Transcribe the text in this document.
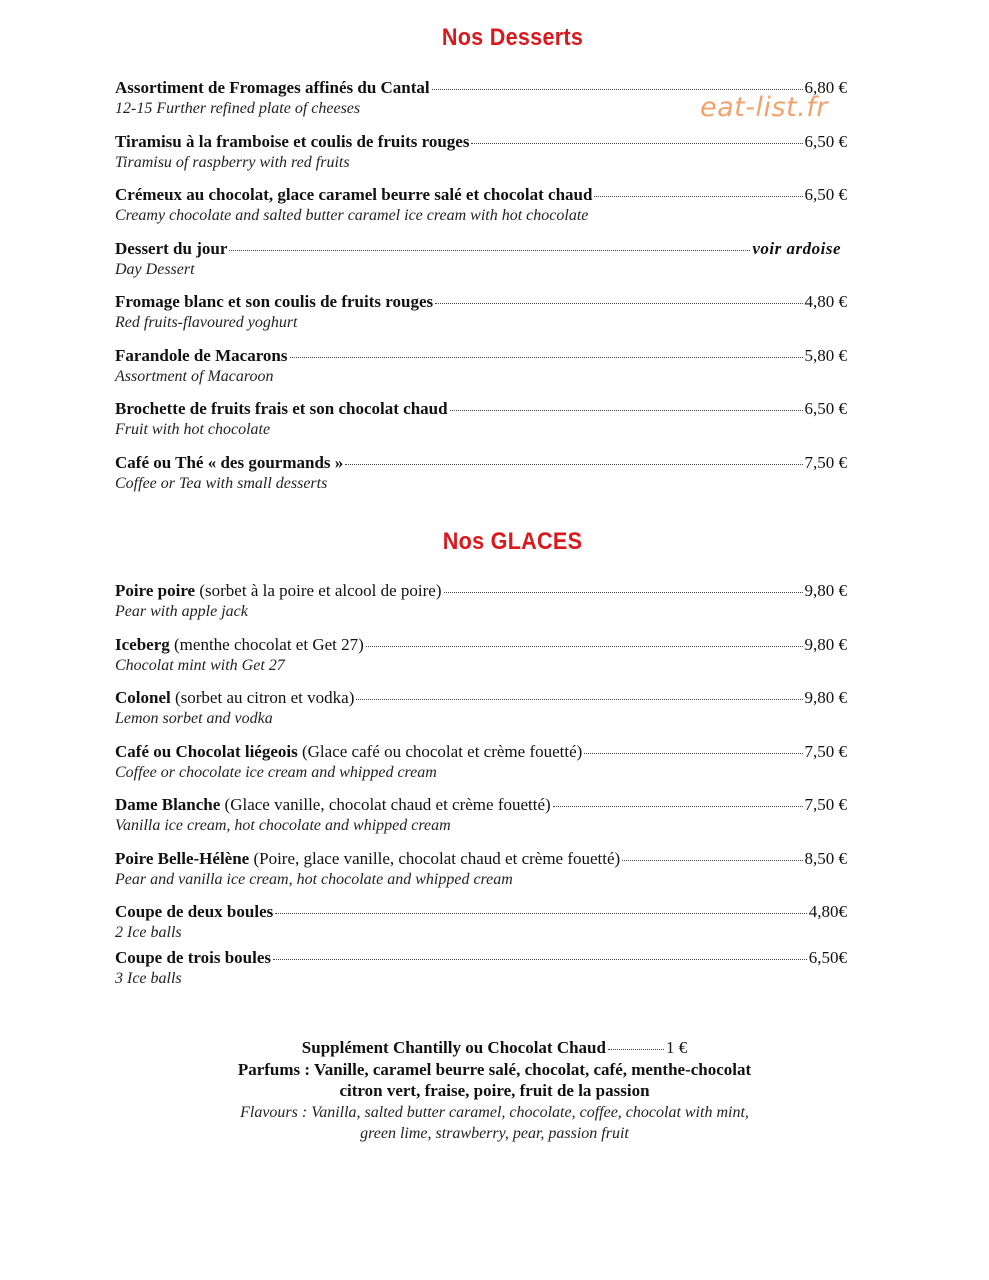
eat-list.fr
Nos Desserts
Assortiment de Fromages affinés du Cantal	6,80 €
12-15 Further refined plate of cheeses
Tiramisu à la framboise et coulis de fruits rouges	6,50 €
Tiramisu of raspberry with red fruits
Crémeux au chocolat, glace caramel beurre salé et chocolat chaud	6,50 €
Creamy chocolate and salted butter caramel ice cream with hot chocolate
Dessert du jour	voir ardoise
Day Dessert
Fromage blanc et son coulis de fruits rouges	4,80 €
Red fruits-flavoured yoghurt
Farandole de Macarons	5,80 €
Assortment of Macaroon
Brochette de fruits frais et son chocolat chaud	6,50 €
Fruit with hot chocolate
Café ou Thé « des gourmands »	7,50 €
Coffee or Tea with small desserts
Nos GLACES
Poire poire (sorbet à la poire et alcool de poire)	9,80 €
Pear with apple jack
Iceberg (menthe chocolat et Get 27)	9,80 €
Chocolat mint with Get 27
Colonel (sorbet au citron et vodka)	9,80 €
Lemon sorbet and vodka
Café ou Chocolat liégeois (Glace café ou chocolat et crème fouetté)	7,50 €
Coffee or chocolate ice cream and whipped cream
Dame Blanche (Glace vanille, chocolat chaud et crème fouetté)	7,50 €
Vanilla ice cream, hot chocolate and whipped cream
Poire Belle-Hélène (Poire, glace vanille, chocolat chaud et crème fouetté)	8,50 €
Pear and vanilla ice cream, hot chocolate and whipped cream
Coupe de deux boules	4,80€
2 Ice balls
Coupe de trois boules	6,50€
3 Ice balls
Supplément Chantilly ou Chocolat Chaud	1 €
Parfums : Vanille, caramel beurre salé, chocolat, café, menthe-chocolat
citron vert, fraise, poire, fruit de la passion
Flavours : Vanilla, salted butter caramel, chocolate, coffee, chocolat with mint,
green lime, strawberry, pear, passion fruit
